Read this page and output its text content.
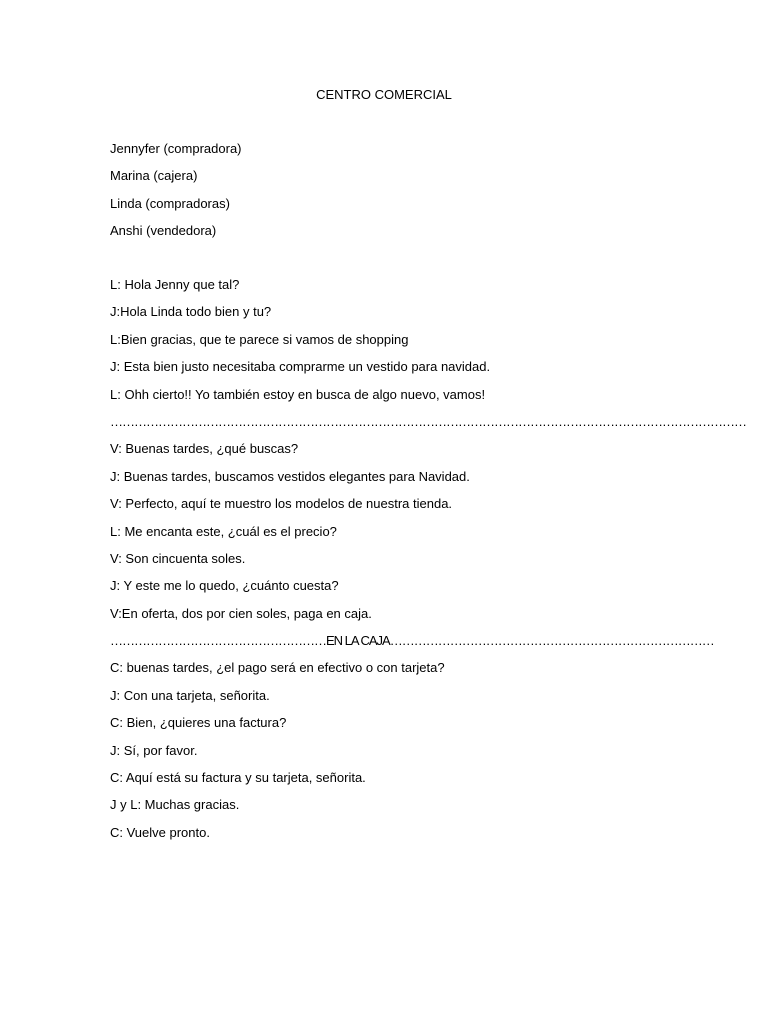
CENTRO COMERCIAL
Jennyfer (compradora)
Marina (cajera)
Linda (compradoras)
Anshi (vendedora)
L: Hola Jenny que tal?
J:Hola Linda todo bien y tu?
L:Bien gracias, que te parece si vamos de shopping
J: Esta bien justo necesitaba comprarme un vestido para navidad.
L: Ohh cierto!! Yo también estoy en busca de algo nuevo, vamos!
……………………………………………………………………………………………………………………………………………
V: Buenas tardes, ¿qué buscas?
J: Buenas tardes, buscamos vestidos elegantes para Navidad.
V: Perfecto, aquí te muestro los modelos de nuestra tienda.
L: Me encanta este, ¿cuál es el precio?
V: Son cincuenta soles.
J: Y este me lo quedo, ¿cuánto cuesta?
V:En oferta, dos por cien soles, paga en caja.
………………………………………………EN LA CAJA………………………………………………………………………
C: buenas tardes, ¿el pago será en efectivo o con tarjeta?
J: Con una tarjeta, señorita.
C: Bien, ¿quieres una factura?
J: Sí, por favor.
C: Aquí está su factura y su tarjeta, señorita.
J y L: Muchas gracias.
C: Vuelve pronto.
